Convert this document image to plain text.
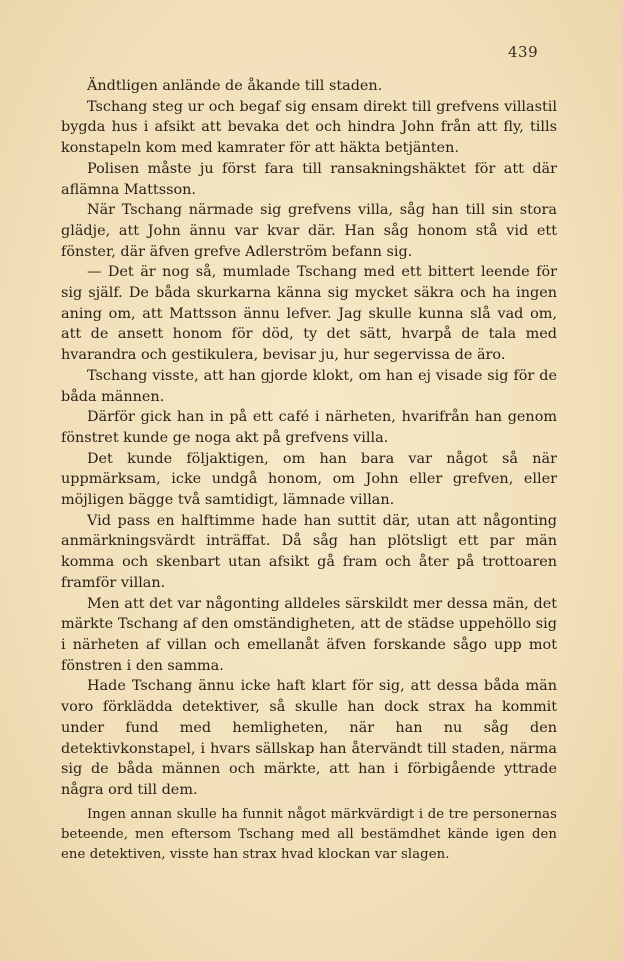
439

Ändtligen anlände de åkande till staden.

Tschang steg ur och begaf sig ensam direkt till grefvens villastil bygda hus i afsikt att bevaka det och hindra John från att fly, tills konstapeln kom med kamrater för att häkta betjänten.

Polisen måste ju först fara till ransakningshäktet för att där aflämna Mattsson.

När Tschang närmade sig grefvens villa, såg han till sin stora glädje, att John ännu var kvar där. Han såg honom stå vid ett fönster, där äfven grefve Adlerström befann sig.

— Det är nog så, mumlade Tschang med ett bittert leende för sig själf. De båda skurkarna känna sig mycket säkra och ha ingen aning om, att Mattsson ännu lefver. Jag skulle kunna slå vad om, att de ansett honom för död, ty det sätt, hvarpå de tala med hvarandra och gestikulera, bevisar ju, hur segervissa de äro.

Tschang visste, att han gjorde klokt, om han ej visade sig för de båda männen.

Därför gick han in på ett café i närheten, hvarifrån han genom fönstret kunde ge noga akt på grefvens villa.

Det kunde följaktigen, om han bara var något så när uppmärksam, icke undgå honom, om John eller grefven, eller möjligen bägge två samtidigt, lämnade villan.

Vid pass en halftimme hade han suttit där, utan att någonting anmärkningsvärdt inträffat. Då såg han plötsligt ett par män komma och skenbart utan afsikt gå fram och åter på trottoaren framför villan.

Men att det var någonting alldeles särskildt mer dessa män, det märkte Tschang af den omständigheten, att de städse uppehöllo sig i närheten af villan och emellanåt äfven forskande sågo upp mot fönstren i den samma.

Hade Tschang ännu icke haft klart för sig, att dessa båda män voro förklädda detektiver, så skulle han dock strax ha kommit under fund med hemligheten, när han nu såg den detektivkonstapel, i hvars sällskap han återvändt till staden, närma sig de båda männen och märkte, att han i förbigående yttrade några ord till dem.

Ingen annan skulle ha funnit något märkvärdigt i de tre personernas beteende, men eftersom Tschang med all bestämdhet kände igen den ene detektiven, visste han strax hvad klockan var slagen.
